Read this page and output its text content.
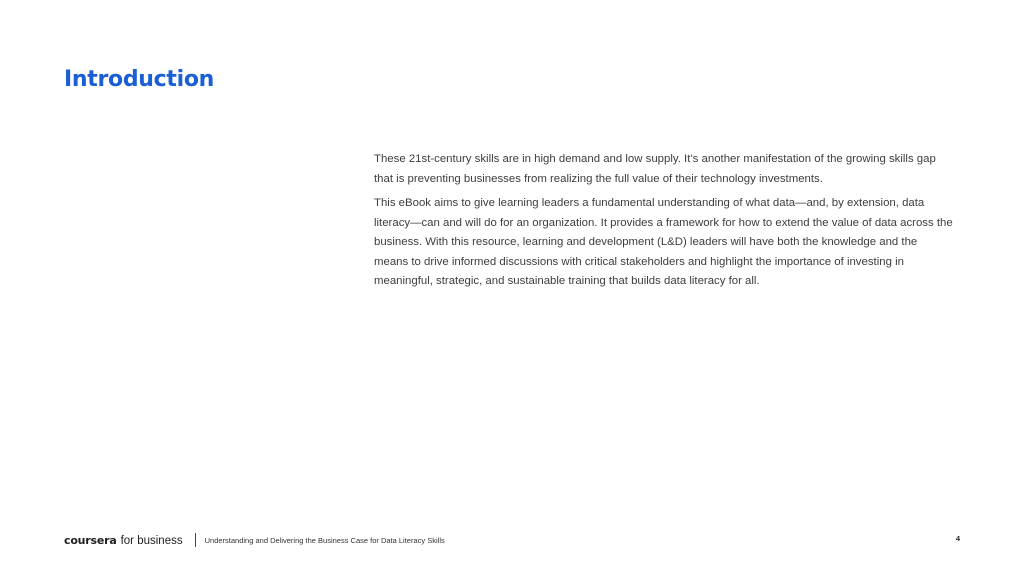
Introduction

These 21st-century skills are in high demand and low supply. It’s another manifestation of the growing skills gap that is preventing businesses from realizing the full value of their technology investments.

This eBook aims to give learning leaders a fundamental understanding of what data—and, by extension, data literacy—can and will do for an organization. It provides a framework for how to extend the value of data across the business. With this resource, learning and development (L&D) leaders will have both the knowledge and the means to drive informed discussions with critical stakeholders and highlight the importance of investing in meaningful, strategic, and sustainable training that builds data literacy for all.

coursera for business	Understanding and Delivering the Business Case for Data Literacy Skills	4
